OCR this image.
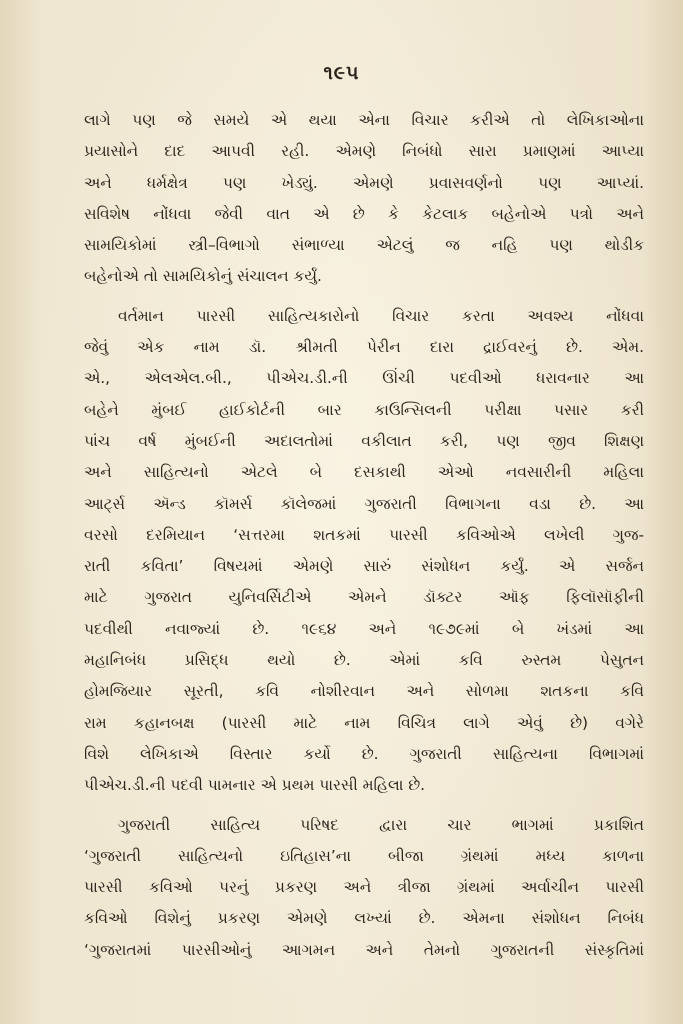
૧૯૫
લાગે પણ જે સમયે એ થયા એના વિચાર કરીએ તો લેખિકાઓના
પ્રયાસોને દાદ આપવી રહી. એમણે નિબંધો સારા પ્રમાણમાં આપ્યા
અને ધર્મક્ષેત્ર પણ ખેડ્યું. એમણે પ્રવાસવર્ણનો પણ આપ્યાં.
સવિશેષ નોંધવા જેવી વાત એ છે કે કેટલાક બહેનોએ પત્રો અને
સામયિકોમાં સ્ત્રી–વિભાગો સંભાળ્યા એટલું જ નહિ પણ થોડીક
બહેનોએ તો સામયિકોનું સંચાલન કર્યું.
વર્તમાન પારસી સાહિત્યકારોનો વિચાર કરતા અવશ્ય નોંધવા
જેવું એક નામ ડૉ. શ્રીમતી પેરીન દારા દ્રાઈવરનું છે. એમ.
એ., એલએલ.બી., પીએચ.ડી.ની ઊંચી પદવીઓ ધરાવનાર આ
બહેને મુંબઈ હાઈકોર્ટની બાર કાઉન્સિલની પરીક્ષા પસાર કરી
પાંચ વર્ષ મુંબઈની અદાલતોમાં વકીલાત કરી, પણ જીવ શિક્ષણ
અને સાહિત્યનો એટલે બે દસકાથી એઓ નવસારીની મહિલા
આર્ટ્સ ઍન્ડ કૉમર્સ કૉલેજમાં ગુજરાતી વિભાગના વડા છે. આ
વરસો દરમિયાન ‘સત્તરમા શતકમાં પારસી કવિઓએ લખેલી ગુજ-
રાતી કવિતા’ વિષયમાં એમણે સારું સંશોધન કર્યું. એ સર્જન
માટે ગુજરાત યુનિવર્સિટીએ એમને ડૉક્ટર ઑફ ફિલૉસૉફીની
પદવીથી નવાજ્યાં છે. ૧૯૬૪ અને ૧૯૭૯માં બે ખંડમાં આ
મહાનિબંધ પ્રસિદ્ધ થયો છે. એમાં કવિ રુસ્તમ પેસુતન
હોમજિયાર સૂરતી, કવિ નોશીરવાન અને સોળમા શતકના કવિ
રામ કહાનબક્ષ (પારસી માટે નામ વિચિત્ર લાગે એવું છે) વગેરે
વિશે લેખિકાએ વિસ્તાર કર્યો છે. ગુજરાતી સાહિત્યના વિભાગમાં
પીએચ.ડી.ની પદવી પામનાર એ પ્રથમ પારસી મહિલા છે.
ગુજરાતી સાહિત્ય પરિષદ દ્વારા ચાર ભાગમાં પ્રકાશિત
‘ગુજરાતી સાહિત્યનો ઇતિહાસ’ના બીજા ગ્રંથમાં મધ્ય કાળના
પારસી કવિઓ પરનું પ્રકરણ અને ત્રીજા ગ્રંથમાં અર્વાચીન પારસી
કવિઓ વિશેનું પ્રકરણ એમણે લખ્યાં છે. એમના સંશોધન નિબંધ
‘ગુજરાતમાં પારસીઓનું આગમન અને તેમનો ગુજરાતની સંસ્કૃતિમાં
